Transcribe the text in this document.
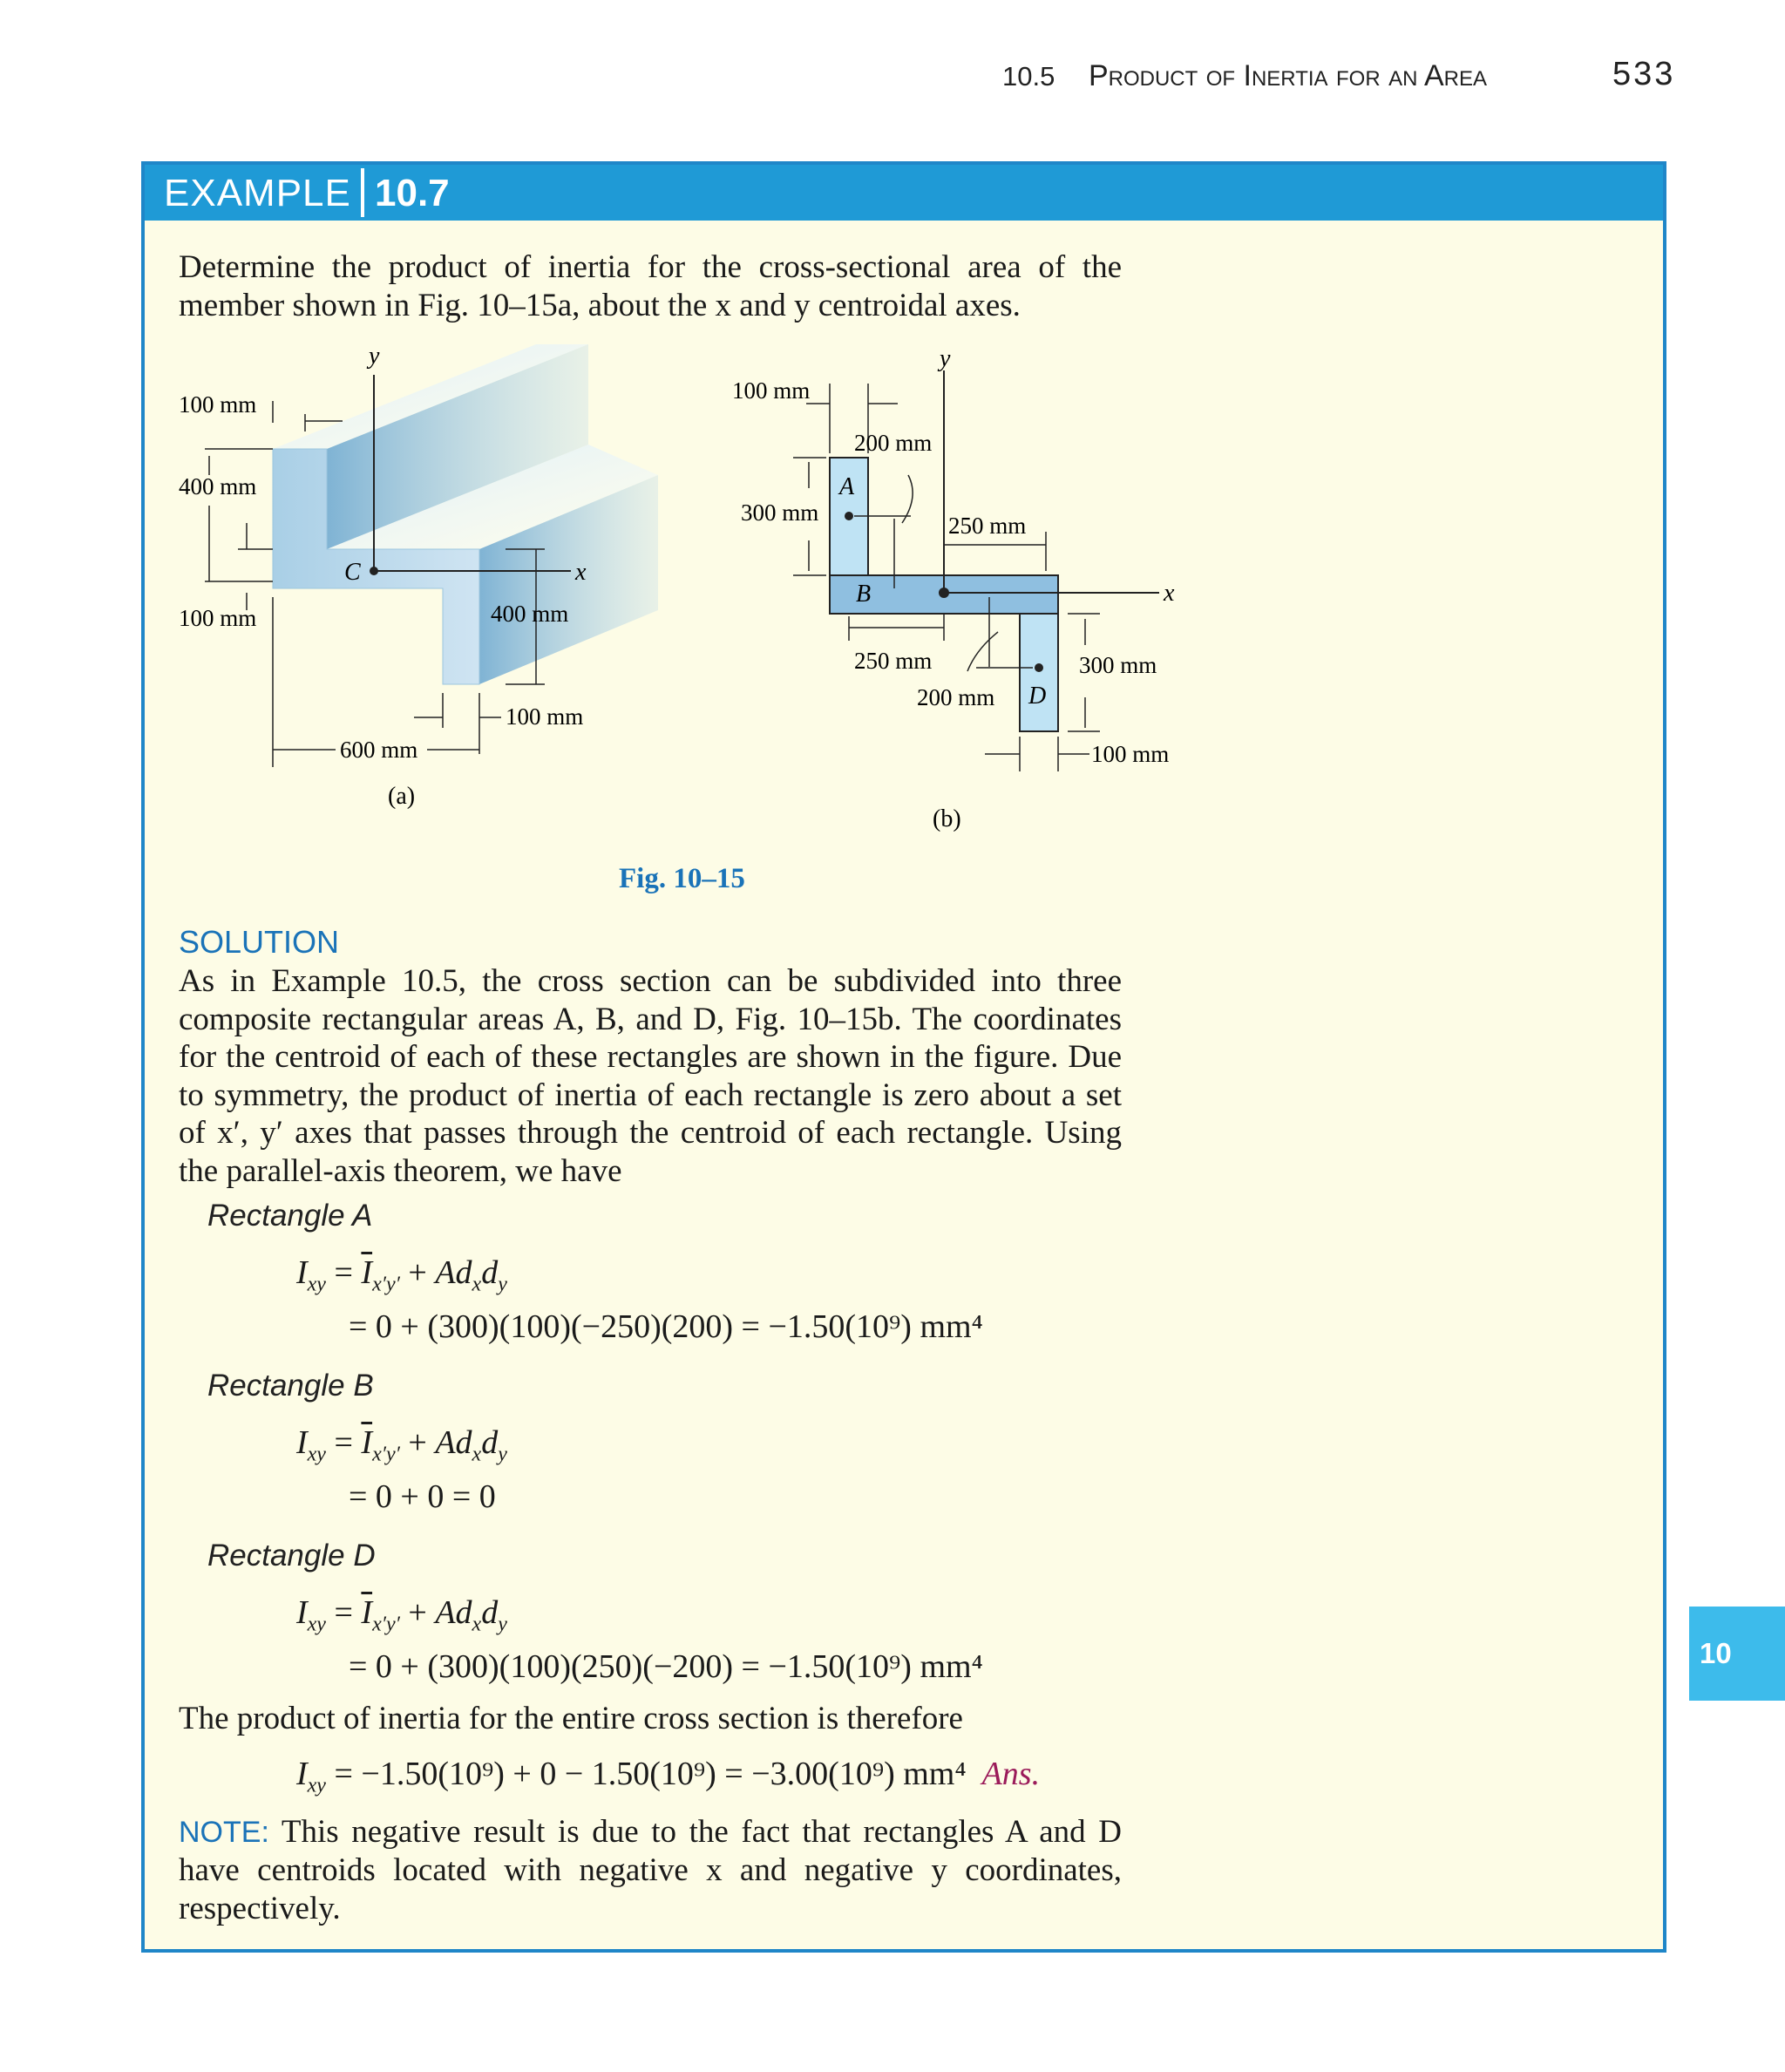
10.5 Product of Inertia for an Area	533
EXAMPLE 10.7
Determine the product of inertia for the cross-sectional area of the member shown in Fig. 10–15a, about the x and y centroidal axes.
y
x
C
100 mm
400 mm
100 mm	400 mm
100 mm
600 mm
(a)
y
x
A
B
D
100 mm
200 mm
300 mm	250 mm
250 mm
200 mm
300 mm
100 mm
(b)
Fig. 10–15
SOLUTION
As in Example 10.5, the cross section can be subdivided into three composite rectangular areas A, B, and D, Fig. 10–15b. The coordinates for the centroid of each of these rectangles are shown in the figure. Due to symmetry, the product of inertia of each rectangle is zero about a set of x′, y′ axes that passes through the centroid of each rectangle. Using the parallel-axis theorem, we have
Rectangle A
$I_{xy} = \overline{I}_{x'y'} + Ad_xd_y$
= 0 + (300)(100)(−250)(200) = −1.50(10⁹) mm⁴
Rectangle B
$I_{xy} = \overline{I}_{x'y'} + Ad_xd_y$
= 0 + 0 = 0
Rectangle D
$I_{xy} = \overline{I}_{x'y'} + Ad_xd_y$
= 0 + (300)(100)(250)(−200) = −1.50(10⁹) mm⁴
The product of inertia for the entire cross section is therefore
$I_{xy} = -1.50(10^9) + 0 - 1.50(10^9) = -3.00(10^9)$ mm⁴ Ans.
NOTE: This negative result is due to the fact that rectangles A and D have centroids located with negative x and negative y coordinates, respectively.
10
